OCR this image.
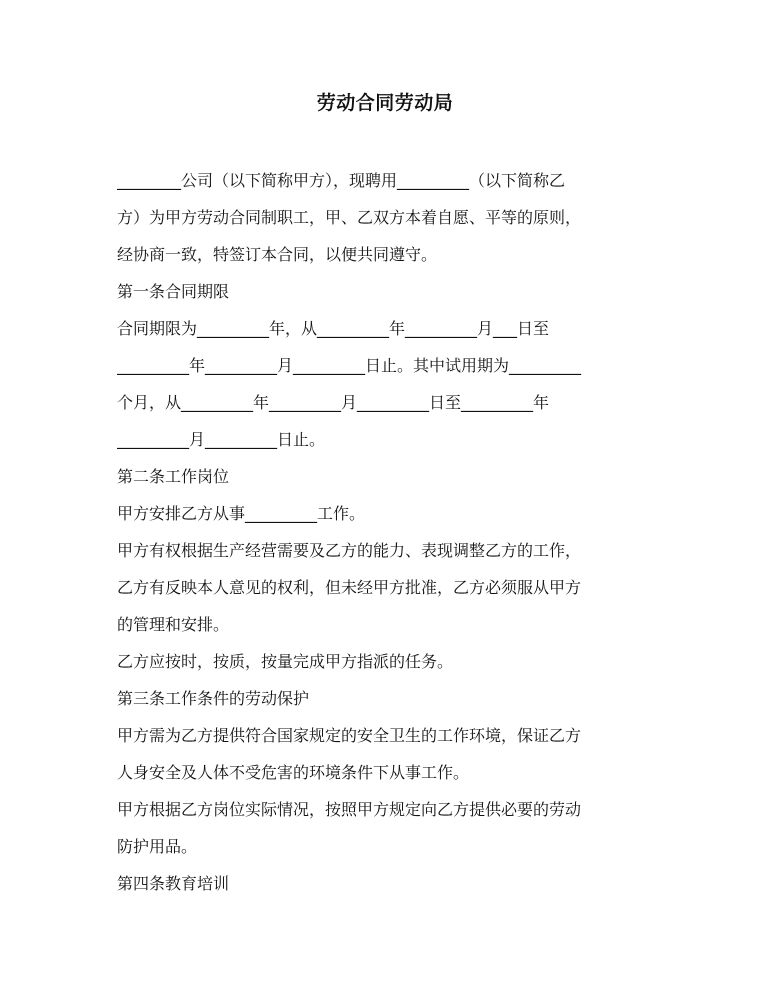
劳动合同劳动局
________公司（以下简称甲方），现聘用_________（以下简称乙
方）为甲方劳动合同制职工，甲、乙双方本着自愿、平等的原则，
经协商一致，特签订本合同，以便共同遵守。
第一条合同期限
合同期限为_________年，从_________年_________月___日至
_________年_________月_________日止。其中试用期为_________
个月，从_________年_________月_________日至_________年
_________月_________日止。
第二条工作岗位
甲方安排乙方从事_________工作。
甲方有权根据生产经营需要及乙方的能力、表现调整乙方的工作，
乙方有反映本人意见的权利，但未经甲方批准，乙方必须服从甲方
的管理和安排。
乙方应按时，按质，按量完成甲方指派的任务。
第三条工作条件的劳动保护
甲方需为乙方提供符合国家规定的安全卫生的工作环境，保证乙方
人身安全及人体不受危害的环境条件下从事工作。
甲方根据乙方岗位实际情况，按照甲方规定向乙方提供必要的劳动
防护用品。
第四条教育培训
